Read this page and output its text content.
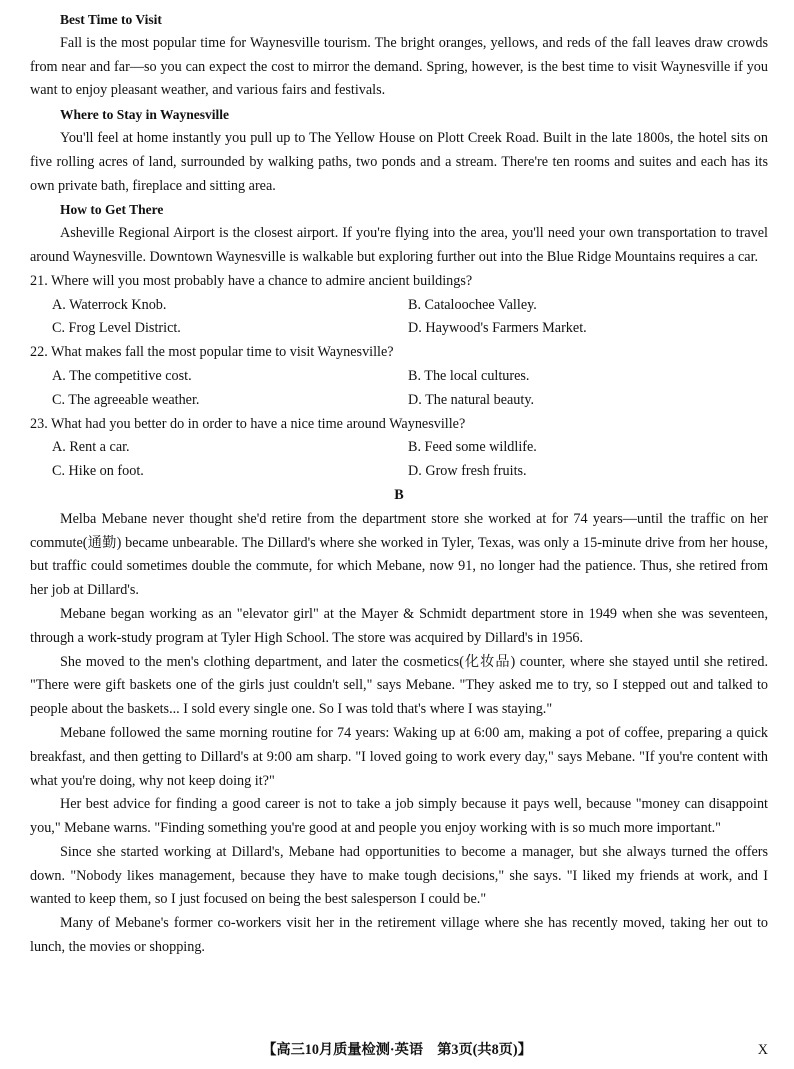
Best Time to Visit

Fall is the most popular time for Waynesville tourism. The bright oranges, yellows, and reds of the fall leaves draw crowds from near and far—so you can expect the cost to mirror the demand. Spring, however, is the best time to visit Waynesville if you want to enjoy pleasant weather, and various fairs and festivals.

Where to Stay in Waynesville

You'll feel at home instantly you pull up to The Yellow House on Plott Creek Road. Built in the late 1800s, the hotel sits on five rolling acres of land, surrounded by walking paths, two ponds and a stream. There're ten rooms and suites and each has its own private bath, fireplace and sitting area.

How to Get There

Asheville Regional Airport is the closest airport. If you're flying into the area, you'll need your own transportation to travel around Waynesville. Downtown Waynesville is walkable but exploring further out into the Blue Ridge Mountains requires a car.

21. Where will you most probably have a chance to admire ancient buildings?

A. Waterrock Knob.	B. Cataloochee Valley.
C. Frog Level District.	D. Haywood's Farmers Market.

22. What makes fall the most popular time to visit Waynesville?

A. The competitive cost.	B. The local cultures.
C. The agreeable weather.	D. The natural beauty.

23. What had you better do in order to have a nice time around Waynesville?

A. Rent a car.	B. Feed some wildlife.
C. Hike on foot.	D. Grow fresh fruits.

B

Melba Mebane never thought she'd retire from the department store she worked at for 74 years—until the traffic on her commute(通勤) became unbearable. The Dillard's where she worked in Tyler, Texas, was only a 15-minute drive from her house, but traffic could sometimes double the commute, for which Mebane, now 91, no longer had the patience. Thus, she retired from her job at Dillard's.

Mebane began working as an "elevator girl" at the Mayer & Schmidt department store in 1949 when she was seventeen, through a work-study program at Tyler High School. The store was acquired by Dillard's in 1956.

She moved to the men's clothing department, and later the cosmetics(化妆品) counter, where she stayed until she retired. "There were gift baskets one of the girls just couldn't sell," says Mebane. "They asked me to try, so I stepped out and talked to people about the baskets... I sold every single one. So I was told that's where I was staying."

Mebane followed the same morning routine for 74 years: Waking up at 6:00 am, making a pot of coffee, preparing a quick breakfast, and then getting to Dillard's at 9:00 am sharp. "I loved going to work every day," says Mebane. "If you're content with what you're doing, why not keep doing it?"

Her best advice for finding a good career is not to take a job simply because it pays well, because "money can disappoint you," Mebane warns. "Finding something you're good at and people you enjoy working with is so much more important."

Since she started working at Dillard's, Mebane had opportunities to become a manager, but she always turned the offers down. "Nobody likes management, because they have to make tough decisions," she says. "I liked my friends at work, and I wanted to keep them, so I just focused on being the best salesperson I could be."

Many of Mebane's former co-workers visit her in the retirement village where she has recently moved, taking her out to lunch, the movies or shopping.

【高三10月质量检测·英语　第3页(共8页)】	X
